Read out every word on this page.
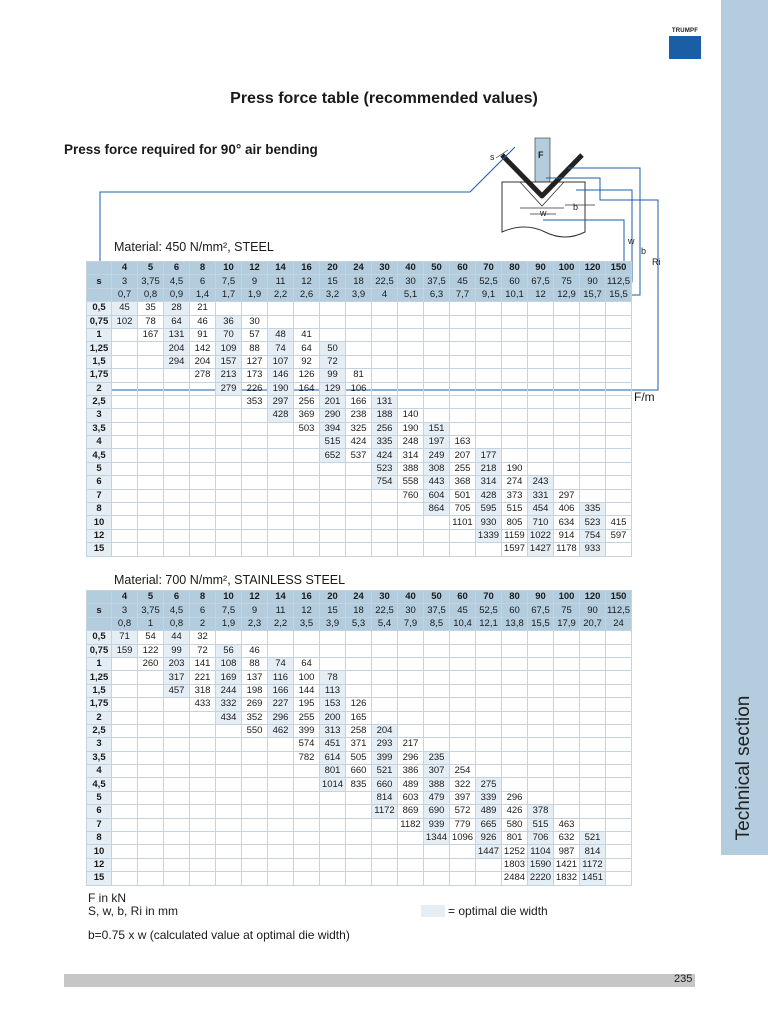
TRUMPF
Technical section
Press force table (recommended values)
Press force required for 90° air bending	F
s
w
b
w
b
Ri
F/m
Material: 450 N/mm², STEEL
	4	5	6	8	10	12	14	16	20	24	30	40	50	60	70	80	90	100	120	150
s	3	3,75	4,5	6	7,5	9	11	12	15	18	22,5	30	37,5	45	52,5	60	67,5	75	90	112,5
	0,7	0,8	0,9	1,4	1,7	1,9	2,2	2,6	3,2	3,9	4	5,1	6,3	7,7	9,1	10,1	12	12,9	15,7	15,5
0,5	45	35	28	21																
0,75	102	78	64	46	36	30														
1		167	131	91	70	57	48	41												
1,25			204	142	109	88	74	64	50											
1,5			294	204	157	127	107	92	72											
1,75				278	213	173	146	126	99	81										
2					279	226	190	164	129	106										
2,5						353	297	256	201	166	131									
3							428	369	290	238	188	140								
3,5								503	394	325	256	190	151							
4									515	424	335	248	197	163						
4,5									652	537	424	314	249	207	177					
5											523	388	308	255	218	190				
6											754	558	443	368	314	274	243			
7												760	604	501	428	373	331	297		
8													864	705	595	515	454	406	335	
10														1101	930	805	710	634	523	415
12															1339	1159	1022	914	754	597
15																1597	1427	1178	933	
Material: 700 N/mm², STAINLESS STEEL
	4	5	6	8	10	12	14	16	20	24	30	40	50	60	70	80	90	100	120	150
s	3	3,75	4,5	6	7,5	9	11	12	15	18	22,5	30	37,5	45	52,5	60	67,5	75	90	112,5
	0,8	1	0,8	2	1,9	2,3	2,2	3,5	3,9	5,3	5,4	7,9	8,5	10,4	12,1	13,8	15,5	17,9	20,7	24
0,5	71	54	44	32																
0,75	159	122	99	72	56	46														
1		260	203	141	108	88	74	64												
1,25			317	221	169	137	116	100	78											
1,5			457	318	244	198	166	144	113											
1,75				433	332	269	227	195	153	126										
2					434	352	296	255	200	165										
2,5						550	462	399	313	258	204									
3								574	451	371	293	217								
3,5								782	614	505	399	296	235							
4									801	660	521	386	307	254						
4,5									1014	835	660	489	388	322	275					
5											814	603	479	397	339	296				
6											1172	869	690	572	489	426	378			
7												1182	939	779	665	580	515	463		
8													1344	1096	926	801	706	632	521	
10															1447	1252	1104	987	814	
12																1803	1590	1421	1172	
15																2484	2220	1832	1451	
F in kN
S, w, b, Ri in mm	= optimal die width
b=0.75 x w (calculated value at optimal die width)
235
